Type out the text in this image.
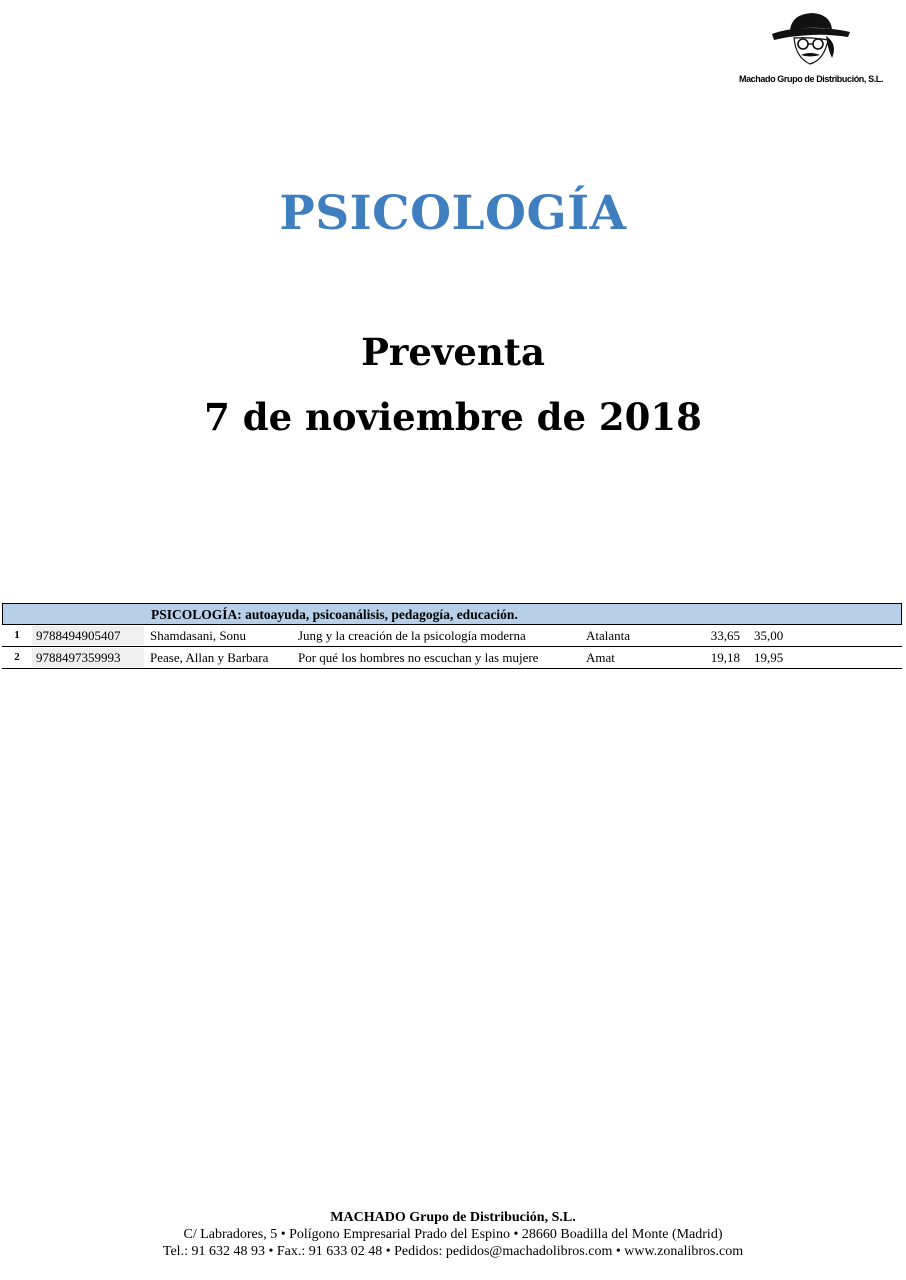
Machado Grupo de Distribución, S.L.
PSICOLOGÍA
Preventa
7 de noviembre de 2018
PSICOLOGÍA: autoayuda, psicoanálisis, pedagogía, educación.
1	9788494905407	Shamdasani, Sonu	Jung y la creación de la psicología moderna	Atalanta	33,65 35,00
2	9788497359993	Pease, Allan y Barbara	Por qué los hombres no escuchan y las mujere	Amat	19,18 19,95
MACHADO Grupo de Distribución, S.L.
C/ Labradores, 5 • Polígono Empresarial Prado del Espino • 28660 Boadilla del Monte (Madrid)
Tel.: 91 632 48 93 • Fax.: 91 633 02 48 • Pedidos: pedidos@machadolibros.com • www.zonalibros.com
